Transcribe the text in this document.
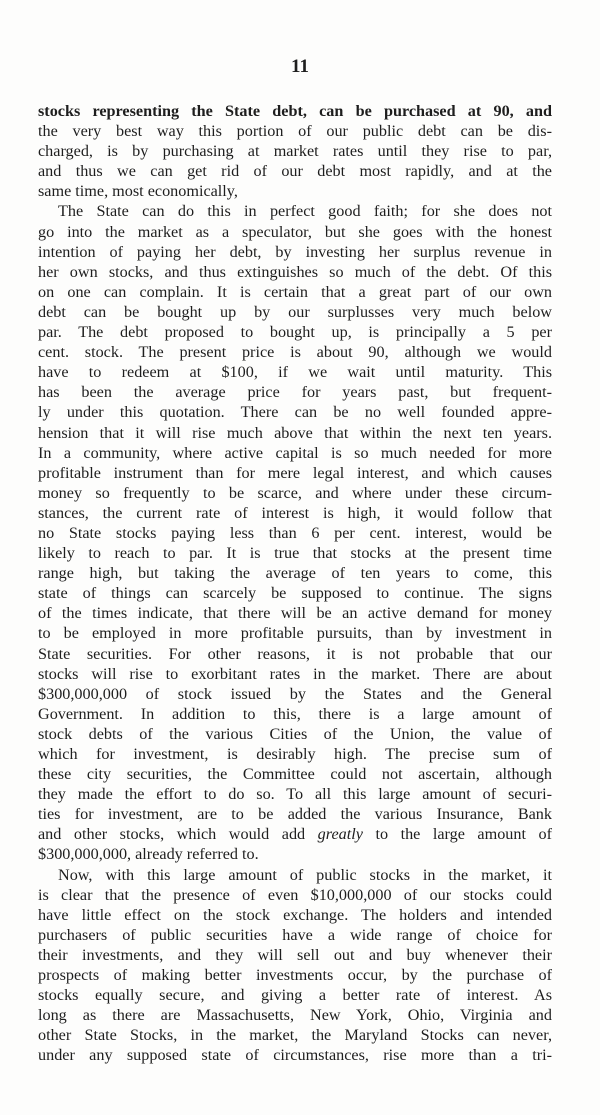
11
stocks representing the State debt, can be purchased at 90, and
the very best way this portion of our public debt can be dis-
charged, is by purchasing at market rates until they rise to par,
and thus we can get rid of our debt most rapidly, and at the
same time, most economically,
The State can do this in perfect good faith; for she does not
go into the market as a speculator, but she goes with the honest
intention of paying her debt, by investing her surplus revenue in
her own stocks, and thus extinguishes so much of the debt. Of this
on one can complain. It is certain that a great part of our own
debt can be bought up by our surplusses very much below
par. The debt proposed to bought up, is principally a 5 per
cent. stock. The present price is about 90, although we would
have to redeem at $100, if we wait until maturity. This
has been the average price for years past, but frequent-
ly under this quotation. There can be no well founded appre-
hension that it will rise much above that within the next ten years.
In a community, where active capital is so much needed for more
profitable instrument than for mere legal interest, and which causes
money so frequently to be scarce, and where under these circum-
stances, the current rate of interest is high, it would follow that
no State stocks paying less than 6 per cent. interest, would be
likely to reach to par. It is true that stocks at the present time
range high, but taking the average of ten years to come, this
state of things can scarcely be supposed to continue. The signs
of the times indicate, that there will be an active demand for money
to be employed in more profitable pursuits, than by investment in
State securities. For other reasons, it is not probable that our
stocks will rise to exorbitant rates in the market. There are about
$300,000,000 of stock issued by the States and the General
Government. In addition to this, there is a large amount of
stock debts of the various Cities of the Union, the value of
which for investment, is desirably high. The precise sum of
these city securities, the Committee could not ascertain, although
they made the effort to do so. To all this large amount of securi-
ties for investment, are to be added the various Insurance, Bank
and other stocks, which would add greatly to the large amount of
$300,000,000, already referred to.
Now, with this large amount of public stocks in the market, it
is clear that the presence of even $10,000,000 of our stocks could
have little effect on the stock exchange. The holders and intended
purchasers of public securities have a wide range of choice for
their investments, and they will sell out and buy whenever their
prospects of making better investments occur, by the purchase of
stocks equally secure, and giving a better rate of interest. As
long as there are Massachusetts, New York, Ohio, Virginia and
other State Stocks, in the market, the Maryland Stocks can never,
under any supposed state of circumstances, rise more than a tri-
